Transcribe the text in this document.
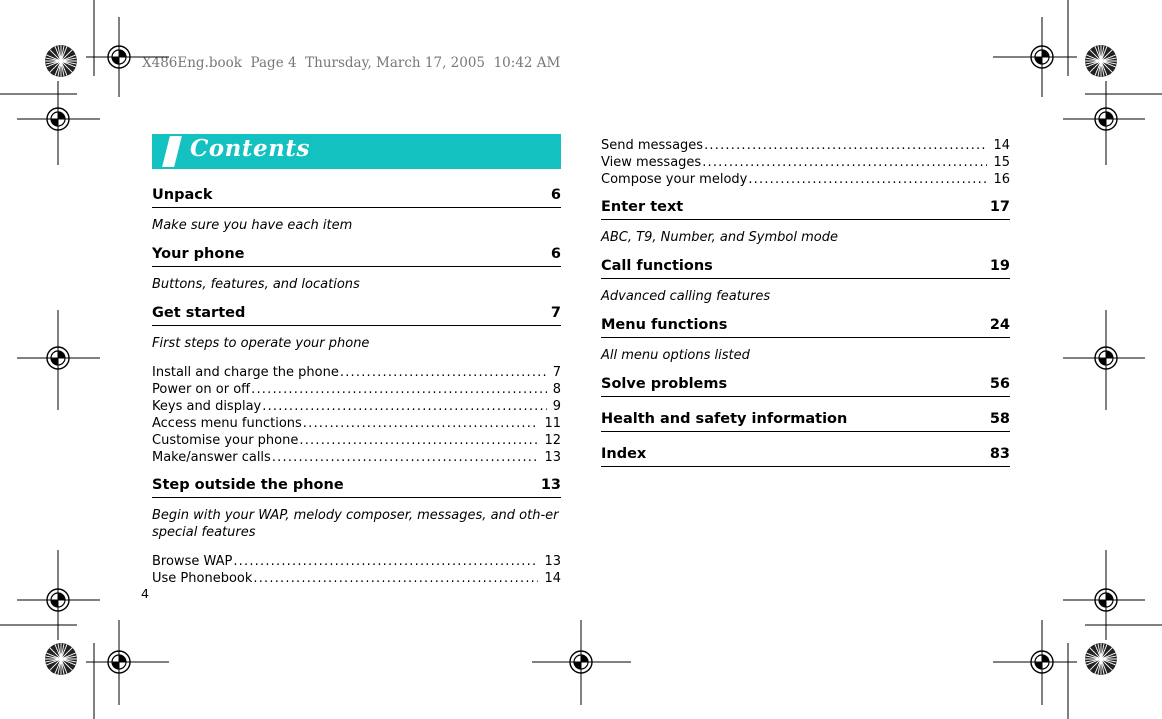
X486Eng.book  Page 4  Thursday, March 17, 2005  10:42 AM
4
Contents
Unpack	6
Make sure you have each item
Your phone	6
Buttons, features, and locations
Get started	7
First steps to operate your phone
Install and charge the phone .....	7
Power on or off .....	8
Keys and display .....	9
Access menu functions .....	11
Customise your phone .....	12
Make/answer calls .....	13
Step outside the phone	13
Begin with your WAP, melody composer, messages, and oth-er special features
Browse WAP .....	13
Use Phonebook .....	14
Send messages .....	14
View messages .....	15
Compose your melody .....	16
Enter text	17
ABC, T9, Number, and Symbol mode
Call functions	19
Advanced calling features
Menu functions	24
All menu options listed
Solve problems	56
Health and safety information	58
Index	83
